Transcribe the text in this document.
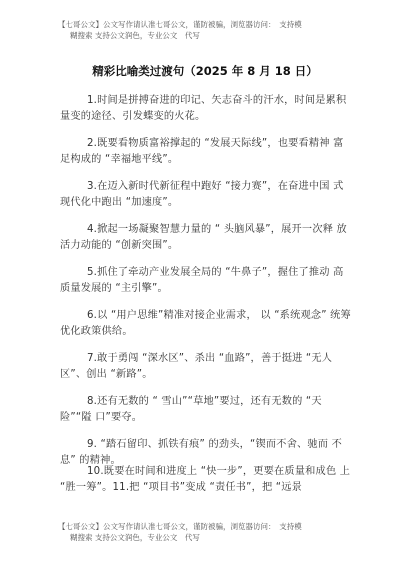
【七哥公文】公文写作请认准七哥公文，谨防被骗，浏览器访问：　支持模
糊搜索 支持公文润色，专业公文　代写
精彩比喻类过渡句（2025 年 8 月 18 日）

1.时间是拼搏奋进的印记、矢志奋斗的汗水，时间是累积量变的途径、引发蝶变的火花。

2.既要看物质富裕撑起的 “发展天际线”，也要看精神 富足构成的 “幸福地平线”。

3.在迈入新时代新征程中跑好 “接力赛”，在奋进中国 式现代化中跑出 “加速度”。

4.掀起一场凝聚智慧力量的 “ 头脑风暴”，展开一次释 放活力动能的 “创新突围”。

5.抓住了牵动产业发展全局的 “牛鼻子”，握住了推动 高质量发展的 “主引擎”。

6.以 “用户思维”精准对接企业需求， 以 “系统观念” 统筹优化政策供给。

7.敢于勇闯 “深水区”、杀出 “血路”，善于挺进 “无人 区”、创出 “新路”。

8.还有无数的 “ 雪山”“草地”要过，还有无数的 “天 险”“隘 口”要夺。

9. “踏石留印、抓铁有痕” 的劲头，“锲而不舍、驰而 不息” 的精神。

10.既要在时间和进度上 “快一步”，更要在质量和成色 上 “胜一筹”。11.把 “项目书”变成 “责任书”，把 “远景

【七哥公文】公文写作请认准七哥公文，谨防被骗，浏览器访问：　支持模
糊搜索 支持公文润色，专业公文　代写
